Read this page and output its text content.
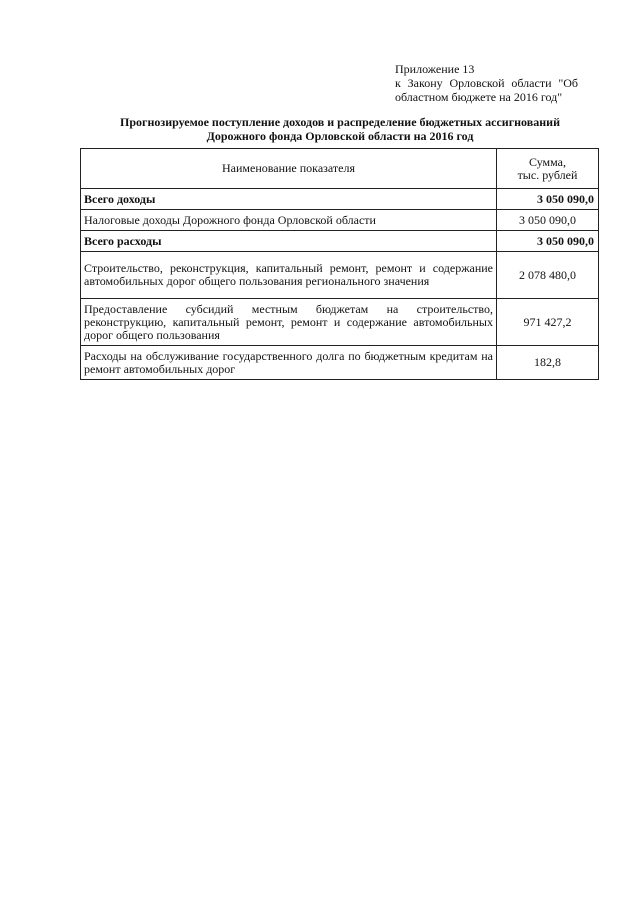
Приложение 13
к Закону Орловской области "Об
областном бюджете на 2016 год"
Прогнозируемое поступление доходов и распределение бюджетных ассигнований
Дорожного фонда Орловской области на 2016 год
Наименование показателя	Сумма,
тыс. рублей

Всего доходы	3 050 090,0
Налоговые доходы Дорожного фонда Орловской области	3 050 090,0
Всего расходы	3 050 090,0
Строительство, реконструкция, капитальный ремонт, ремонт и содержание автомобильных дорог общего пользования регионального значения	2 078 480,0
Предоставление субсидий местным бюджетам на строительство, реконструкцию, капитальный ремонт, ремонт и содержание автомобильных дорог общего пользования	971 427,2
Расходы на обслуживание государственного долга по бюджетным кредитам на ремонт автомобильных дорог	182,8
